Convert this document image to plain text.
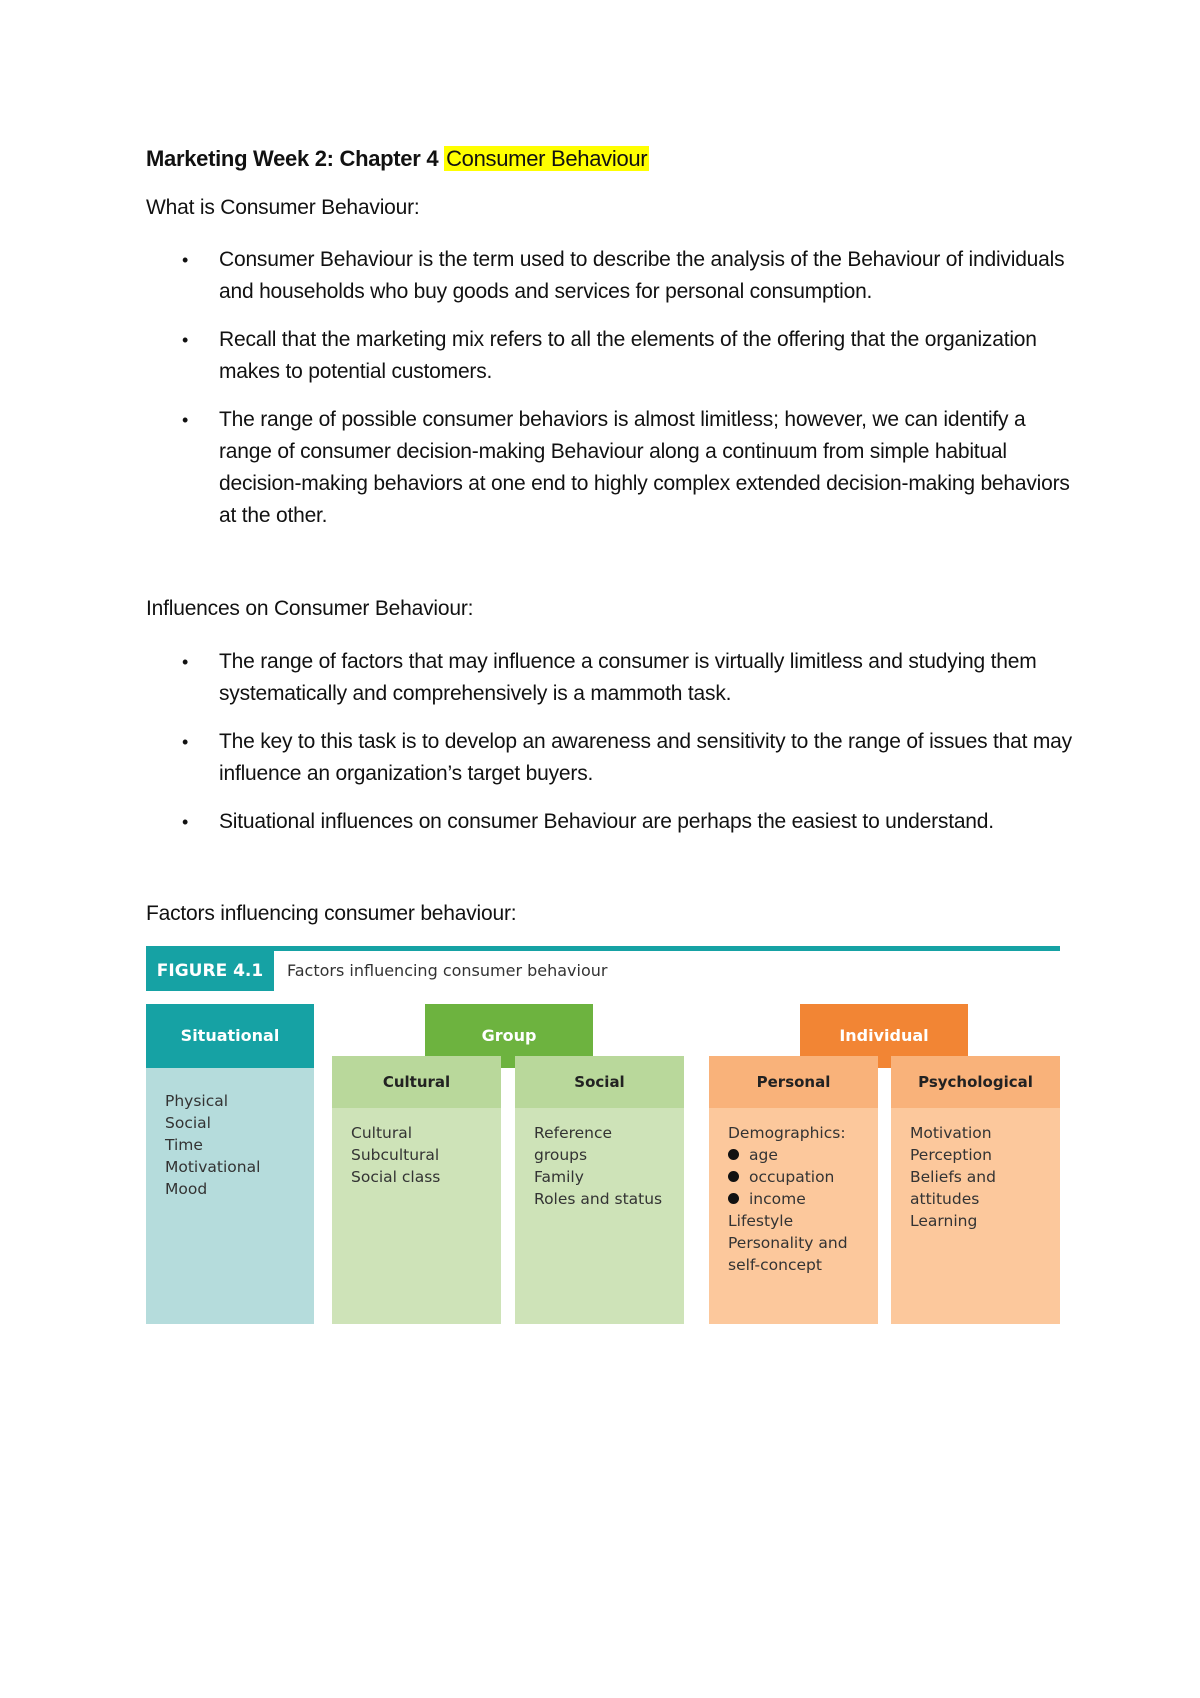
Marketing Week 2: Chapter 4 Consumer Behaviour
What is Consumer Behaviour:
• Consumer Behaviour is the term used to describe the analysis of the Behaviour of individuals and households who buy goods and services for personal consumption.
• Recall that the marketing mix refers to all the elements of the offering that the organization makes to potential customers.
• The range of possible consumer behaviors is almost limitless; however, we can identify a range of consumer decision-making Behaviour along a continuum from simple habitual decision-making behaviors at one end to highly complex extended decision-making behaviors at the other.
Influences on Consumer Behaviour:
• The range of factors that may influence a consumer is virtually limitless and studying them systematically and comprehensively is a mammoth task.
• The key to this task is to develop an awareness and sensitivity to the range of issues that may influence an organization’s target buyers.
• Situational influences on consumer Behaviour are perhaps the easiest to understand.
Factors influencing consumer behaviour:
FIGURE 4.1	Factors influencing consumer behaviour
Situational
Physical
Social
Time
Motivational
Mood
Group
Cultural
Cultural
Subcultural
Social class
Social
Reference
groups
Family
Roles and status
Individual
Personal
Demographics:
age
occupation
income
Lifestyle
Personality and
self-concept
Psychological
Motivation
Perception
Beliefs and
attitudes
Learning
